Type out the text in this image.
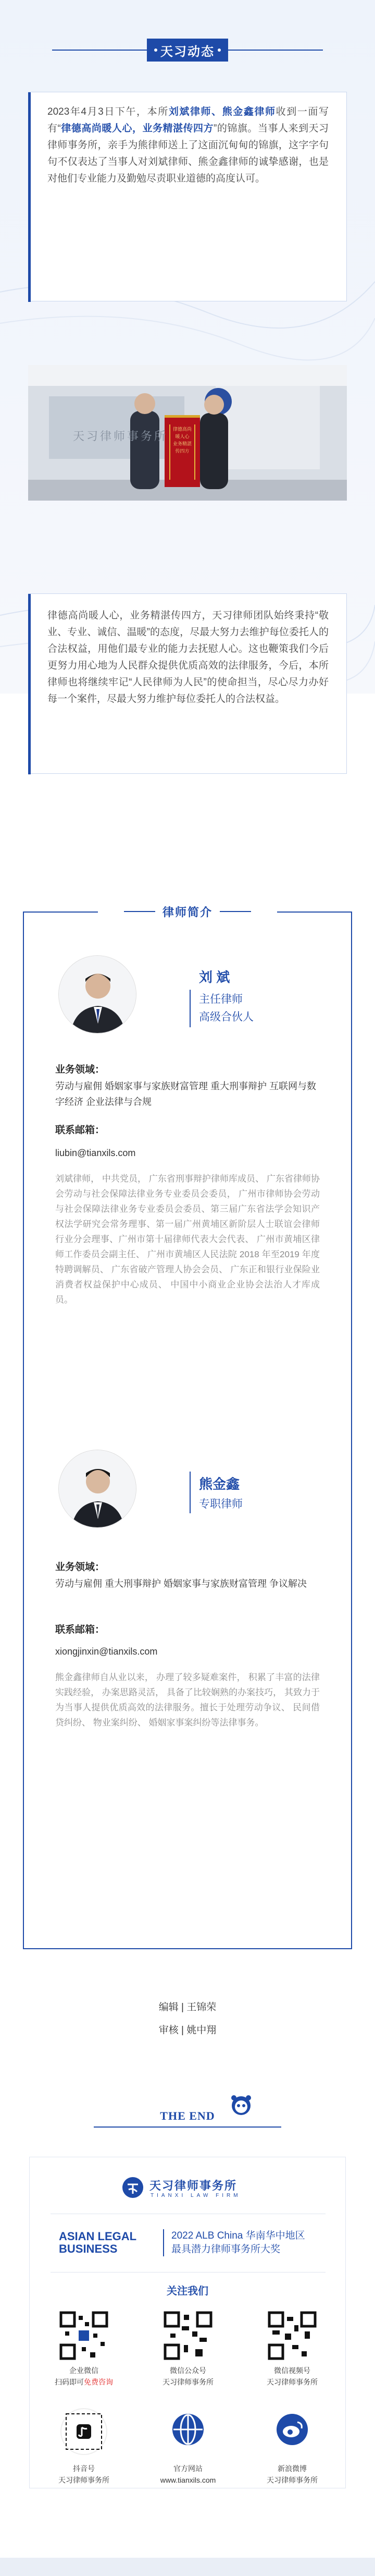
天习动态

2023年4月3日下午，本所刘斌律师、熊金鑫律师收到一面写有“律德高尚暖人心，业务精湛传四方”的锦旗。当事人来到天习律师事务所，亲手为熊律师送上了这面沉甸甸的锦旗，这字字句句不仅表达了当事人对刘斌律师、熊金鑫律师的诚挚感谢，也是对他们专业能力及勤勉尽责职业道德的高度认可。

天习律师事务所
律德高尚
暖人心
业务精湛
传四方

律德高尚暖人心，业务精湛传四方，天习律师团队始终秉持“敬业、专业、诚信、温暖”的态度，尽最大努力去维护每位委托人的合法权益，用他们最专业的能力去抚慰人心。这也鞭策我们今后更努力用心地为人民群众提供优质高效的法律服务，今后，本所律师也将继续牢记“人民律师为人民”的使命担当，尽心尽力办好每一个案件，尽最大努力维护每位委托人的合法权益。

律师简介
刘 斌
主任律师
高级合伙人
业务领域：
劳动与雇佣 婚姻家事与家族财富管理 重大刑事辩护 互联网与数字经济 企业法律与合规
联系邮箱：
liubin@tianxils.com
刘斌律师， 中共党员， 广东省刑事辩护律师库成员、 广东省律师协会劳动与社会保障法律业务专业委员会委员， 广州市律师协会劳动与社会保障法律业务专业委员会委员、第三届广东省法学会知识产权法学研究会常务理事、第一届广州黄埔区新阶层人士联谊会律师行业分会理事、广州市第十届律师代表大会代表、 广州市黄埔区律师工作委员会副主任、 广州市黄埔区人民法院 2018 年至2019 年度特聘调解员、 广东省破产管理人协会会员、 广东正和银行业保险业消费者权益保护中心成员、 中国中小商业企业协会法治人才库成员。
熊金鑫
专职律师
业务领域：
劳动与雇佣 重大刑事辩护 婚姻家事与家族财富管理 争议解决
联系邮箱：
xiongjinxin@tianxils.com
熊金鑫律师自从业以来， 办理了较多疑难案件， 积累了丰富的法律实践经验， 办案思路灵活， 具备了比较娴熟的办案技巧， 其致力于为当事人提供优质高效的法律服务。擅长于处理劳动争议、 民间借贷纠纷、 物业案纠纷、 婚姻家事案纠纷等法律事务。
编辑 | 王锦荣
审核 | 姚中翔
THE END
天习律师事务所
TIANXI LAW FIRM
ASIAN LEGAL
BUSINESS
2022 ALB China 华南华中地区
最具潜力律师事务所大奖
关注我们
企业微信
扫码即可免费咨询
微信公众号
天习律师事务所
微信视频号
天习律师事务所
抖音号
天习律师事务所
官方网站
www.tianxils.com
新浪微博
天习律师事务所
